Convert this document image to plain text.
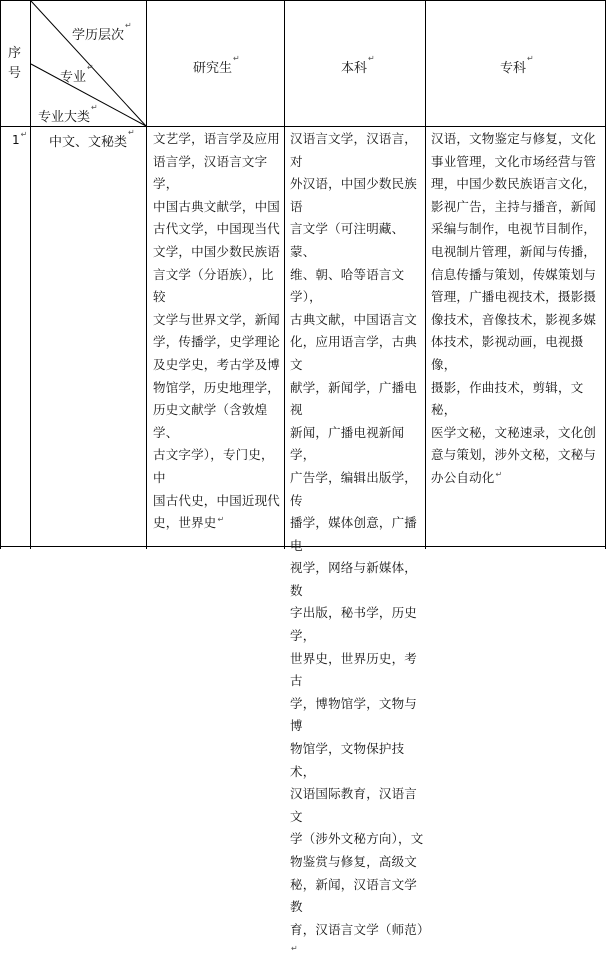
序
号
学历层次↵
专业↵
专业大类↵
研究生↵
本科↵
专科↵
1↵
中文、文秘类↵ 文艺学，语言学及应用
语言学，汉语言文字学，
中国古典文献学，中国
古代文学，中国现当代
文学，中国少数民族语
言文学（分语族），比较
文学与世界文学，新闻
学，传播学，史学理论
及史学史，考古学及博
物馆学，历史地理学，
历史文献学（含敦煌学、
古文字学），专门史，中
国古代史，中国近现代
史，世界史↵
汉语言文学，汉语言，对
外汉语，中国少数民族语
言文学（可注明藏、蒙、
维、朝、哈等语言文学），
古典文献，中国语言文
化，应用语言学，古典文
献学，新闻学，广播电视
新闻，广播电视新闻学，
广告学，编辑出版学，传
播学，媒体创意，广播电
视学，网络与新媒体，数
字出版，秘书学，历史学，
世界史，世界历史，考古
学，博物馆学，文物与博
物馆学，文物保护技术，
汉语国际教育，汉语言文
学（涉外文秘方向），文
物鉴赏与修复，高级文
秘，新闻，汉语言文学教
育，汉语言文学（师范）↵
汉语，文物鉴定与修复，文化
事业管理，文化市场经营与管
理，中国少数民族语言文化，
影视广告，主持与播音，新闻
采编与制作，电视节目制作，
电视制片管理，新闻与传播，
信息传播与策划，传媒策划与
管理，广播电视技术，摄影摄
像技术，音像技术，影视多媒
体技术，影视动画，电视摄像，
摄影，作曲技术，剪辑，文秘，
医学文秘，文秘速录，文化创
意与策划，涉外文秘，文秘与
办公自动化↵
